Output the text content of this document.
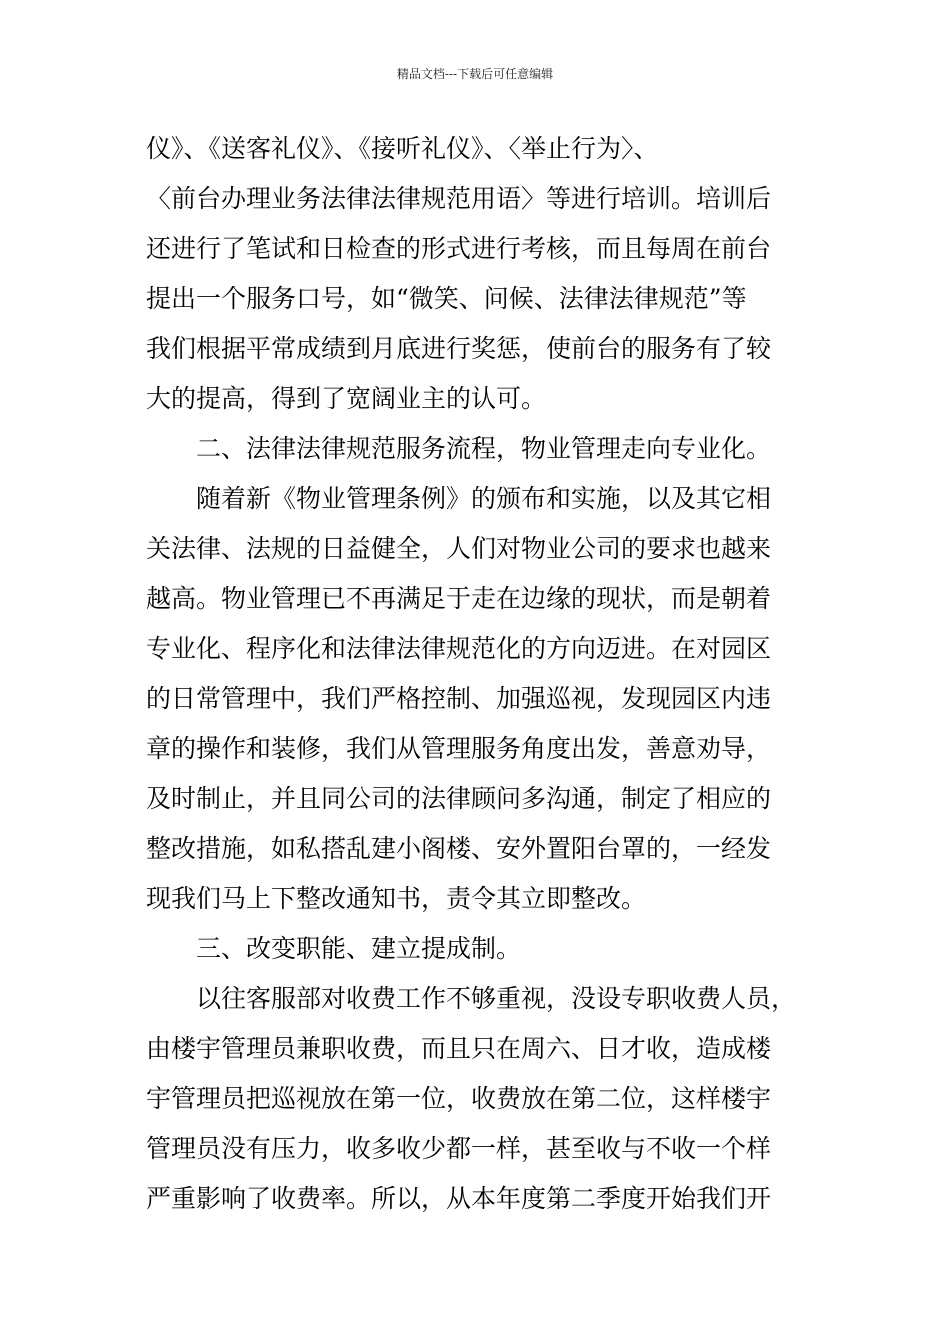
精品文档---下载后可任意编辑
仪》、《送客礼仪》、《接听礼仪》、〈举止行为〉、
〈前台办理业务法律法律规范用语〉等进行培训。培训后
还进行了笔试和日检查的形式进行考核，而且每周在前台
提出一个服务口号，如“微笑、问候、法律法律规范”等
我们根据平常成绩到月底进行奖惩，使前台的服务有了较
大的提高，得到了宽阔业主的认可。
二、法律法律规范服务流程，物业管理走向专业化。
随着新《物业管理条例》的颁布和实施，以及其它相
关法律、法规的日益健全，人们对物业公司的要求也越来
越高。物业管理已不再满足于走在边缘的现状，而是朝着
专业化、程序化和法律法律规范化的方向迈进。在对园区
的日常管理中，我们严格控制、加强巡视，发现园区内违
章的操作和装修，我们从管理服务角度出发，善意劝导，
及时制止，并且同公司的法律顾问多沟通，制定了相应的
整改措施，如私搭乱建小阁楼、安外置阳台罩的，一经发
现我们马上下整改通知书，责令其立即整改。
三、改变职能、建立提成制。
以往客服部对收费工作不够重视，没设专职收费人员，
由楼宇管理员兼职收费，而且只在周六、日才收，造成楼
宇管理员把巡视放在第一位，收费放在第二位，这样楼宇
管理员没有压力，收多收少都一样，甚至收与不收一个样
严重影响了收费率。所以，从本年度第二季度开始我们开
